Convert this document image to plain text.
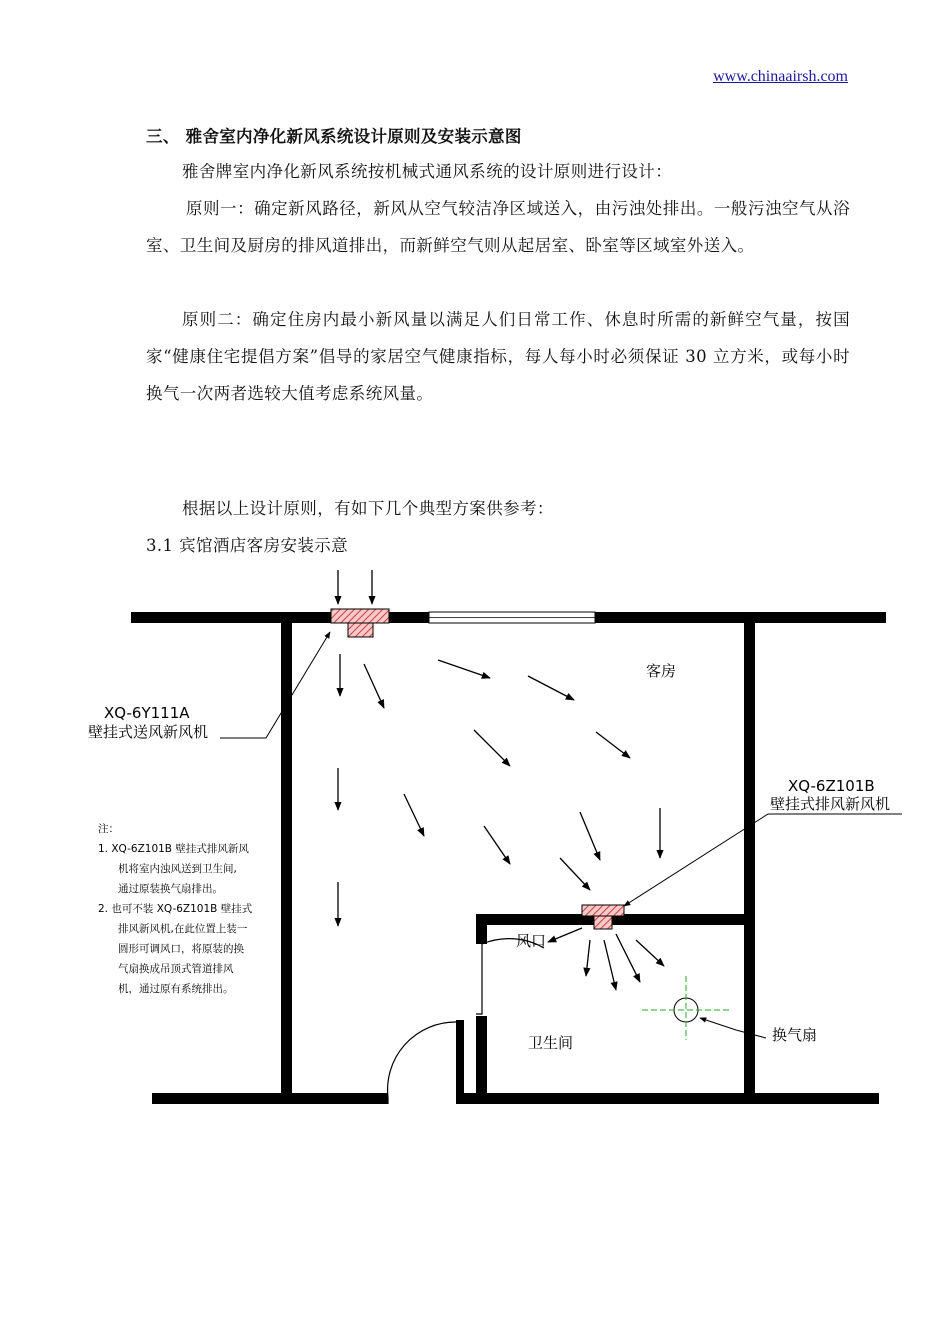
www.chinaairsh.com
三、 雅舍室内净化新风系统设计原则及安装示意图
雅舍牌室内净化新风系统按机械式通风系统的设计原则进行设计：
原则一：确定新风路径，新风从空气较洁净区域送入，由污浊处排出。一般污浊空气从浴室、卫生间及厨房的排风道排出，而新鲜空气则从起居室、卧室等区域室外送入。
原则二：确定住房内最小新风量以满足人们日常工作、休息时所需的新鲜空气量，按国家“健康住宅提倡方案”倡导的家居空气健康指标，每人每小时必须保证 30 立方米，或每小时换气一次两者选较大值考虑系统风量。
根据以上设计原则，有如下几个典型方案供参考：
3.1 宾馆酒店客房安装示意
XQ-6Y111A
壁挂式送风新风机
XQ-6Z101B
壁挂式排风新风机
客房
卫生间
风口
换气扇
注：
1. XQ-6Z101B 壁挂式排风新风
机将室内浊风送到卫生间,
通过原装换气扇排出。
2. 也可不装 XQ-6Z101B 壁挂式
排风新风机,在此位置上装一
圆形可调风口，将原装的换
气扇换成吊顶式管道排风
机，通过原有系统排出。
